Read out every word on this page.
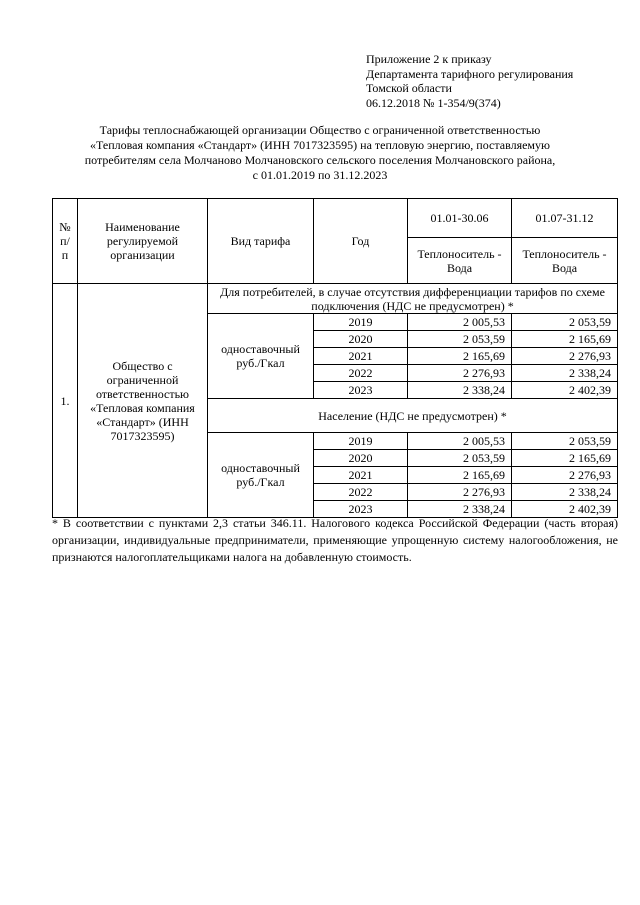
Приложение 2 к приказу
Департамента тарифного регулирования
Томской области
06.12.2018 № 1-354/9(374)
Тарифы теплоснабжающей организации Общество с ограниченной ответственностью
«Тепловая компания «Стандарт» (ИНН 7017323595) на тепловую энергию, поставляемую
потребителям села Молчаново Молчановского сельского поселения Молчановского района,
с 01.01.2019 по 31.12.2023
№ п/ п	Наименование регулируемой организации	Вид тарифа	Год	01.01-30.06	01.07-31.12
				Теплоноситель - Вода	Теплоноситель - Вода
1.	Общество с ограниченной ответственностью «Тепловая компания «Стандарт» (ИНН 7017323595)	Для потребителей, в случае отсутствия дифференциации тарифов по схеме подключения (НДС не предусмотрен) *			
		одноставочный руб./Гкал	2019	2 005,53	2 053,59
			2020	2 053,59	2 165,69
			2021	2 165,69	2 276,93
			2022	2 276,93	2 338,24
			2023	2 338,24	2 402,39
		Население (НДС не предусмотрен) *			
		одноставочный руб./Гкал	2019	2 005,53	2 053,59
			2020	2 053,59	2 165,69
			2021	2 165,69	2 276,93
			2022	2 276,93	2 338,24
			2023	2 338,24	2 402,39
* В соответствии с пунктами 2,3 статьи 346.11. Налогового кодекса Российской Федерации (часть вторая) организации, индивидуальные предприниматели, применяющие упрощенную систему налогообложения, не признаются налогоплательщиками налога на добавленную стоимость.
